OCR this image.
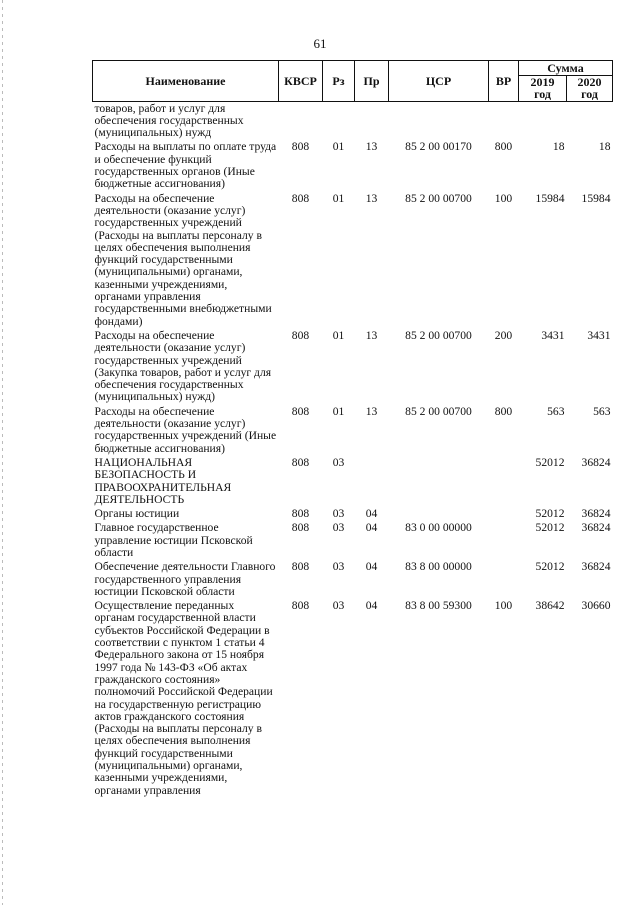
61
Наименование	КВСР	Рз	Пр	ЦСР	ВР	Сумма	
						2019 год	2020 год
товаров, работ и услуг для обеспечения государственных (муниципальных) нужд							
Расходы на выплаты по оплате труда и обеспечение функций государственных органов (Иные бюджетные ассигнования)	808	01	13	85 2 00 00170	800	18	18
Расходы на обеспечение деятельности (оказание услуг) государственных учреждений (Расходы на выплаты персоналу в целях обеспечения выполнения функций государственными (муниципальными) органами, казенными учреждениями, органами управления государственными внебюджетными фондами)	808	01	13	85 2 00 00700	100	15984	15984
Расходы на обеспечение деятельности (оказание услуг) государственных учреждений (Закупка товаров, работ и услуг для обеспечения государственных (муниципальных) нужд)	808	01	13	85 2 00 00700	200	3431	3431
Расходы на обеспечение деятельности (оказание услуг) государственных учреждений (Иные бюджетные ассигнования)	808	01	13	85 2 00 00700	800	563	563
НАЦИОНАЛЬНАЯ БЕЗОПАСНОСТЬ И ПРАВООХРАНИТЕЛЬНАЯ ДЕЯТЕЛЬНОСТЬ	808	03				52012	36824
Органы юстиции	808	03	04			52012	36824
Главное государственное управление юстиции Псковской области	808	03	04	83 0 00 00000		52012	36824
Обеспечение деятельности Главного государственного управления юстиции Псковской области	808	03	04	83 8 00 00000		52012	36824
Осуществление переданных органам государственной власти субъектов Российской Федерации в соответствии с пунктом 1 статьи 4 Федерального закона от 15 ноября 1997 года № 143-ФЗ «Об актах гражданского состояния» полномочий Российской Федерации на государственную регистрацию актов гражданского состояния (Расходы на выплаты персоналу в целях обеспечения выполнения функций государственными (муниципальными) органами, казенными учреждениями, органами управления	808	03	04	83 8 00 59300	100	38642	30660
